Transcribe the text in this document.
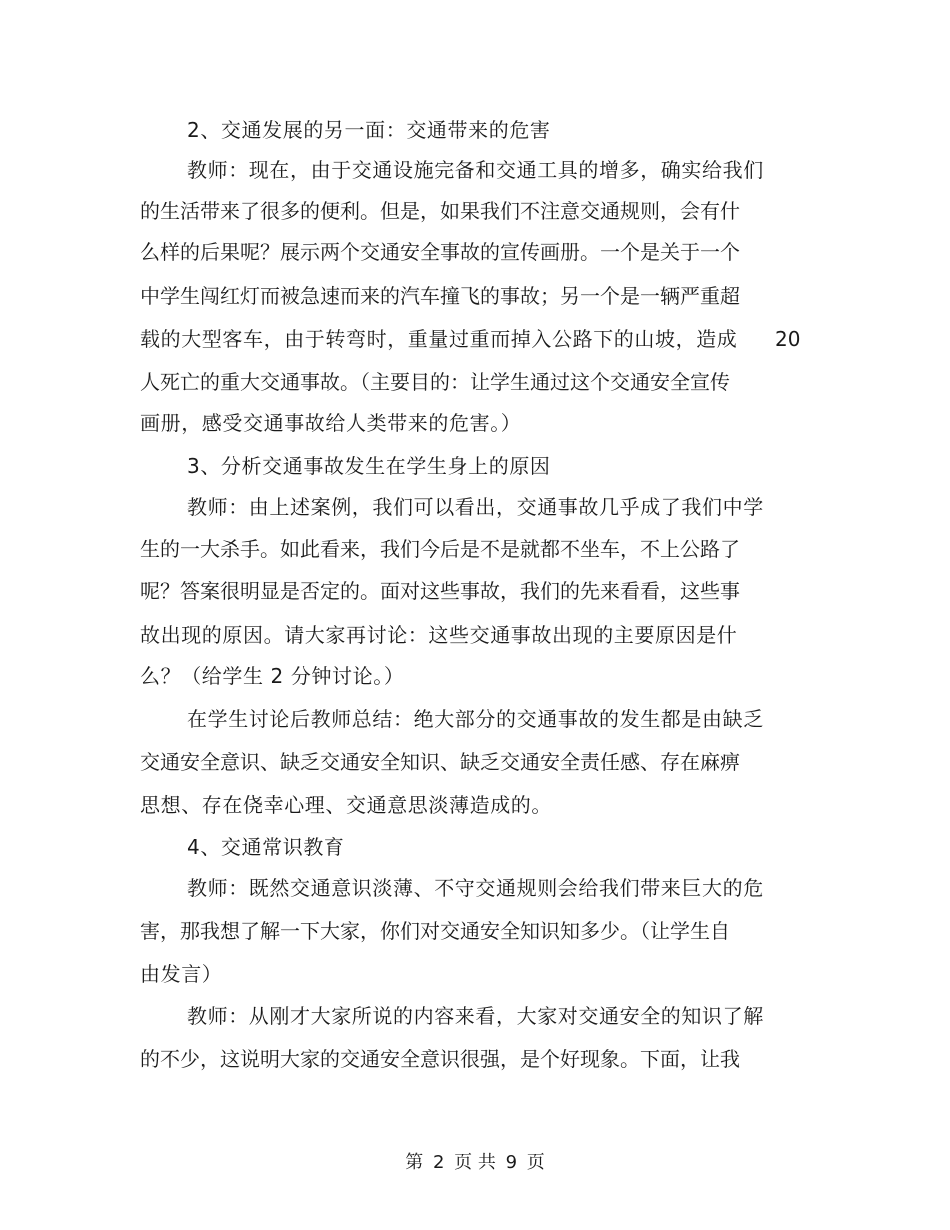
2、交通发展的另一面：交通带来的危害
教师：现在，由于交通设施完备和交通工具的增多，确实给我们
的生活带来了很多的便利。但是，如果我们不注意交通规则，会有什
么样的后果呢？展示两个交通安全事故的宣传画册。一个是关于一个
中学生闯红灯而被急速而来的汽车撞飞的事故；另一个是一辆严重超
载的大型客车，由于转弯时，重量过重而掉入公路下的山坡，造成 20
人死亡的重大交通事故。（主要目的：让学生通过这个交通安全宣传
画册，感受交通事故给人类带来的危害。）
3、分析交通事故发生在学生身上的原因
教师：由上述案例，我们可以看出，交通事故几乎成了我们中学
生的一大杀手。如此看来，我们今后是不是就都不坐车，不上公路了
呢？答案很明显是否定的。面对这些事故，我们的先来看看，这些事
故出现的原因。请大家再讨论：这些交通事故出现的主要原因是什
么？（给学生 2 分钟讨论。）
在学生讨论后教师总结：绝大部分的交通事故的发生都是由缺乏
交通安全意识、缺乏交通安全知识、缺乏交通安全责任感、存在麻痹
思想、存在侥幸心理、交通意思淡薄造成的。
4、交通常识教育
教师：既然交通意识淡薄、不守交通规则会给我们带来巨大的危
害，那我想了解一下大家，你们对交通安全知识知多少。（让学生自
由发言）
教师：从刚才大家所说的内容来看，大家对交通安全的知识了解
的不少，这说明大家的交通安全意识很强，是个好现象。下面，让我
第 2 页 共 9 页
